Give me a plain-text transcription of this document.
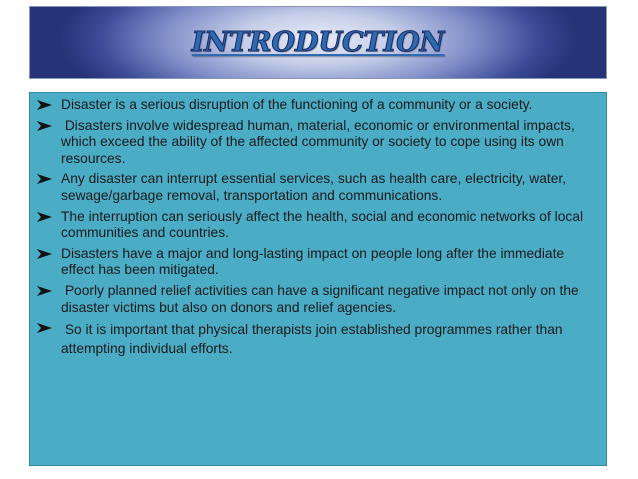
INTRODUCTION
Disaster is a serious disruption of the functioning of a community or a society.
Disasters involve widespread human, material, economic or environmental impacts, which exceed the ability of the affected community or society to cope using its own resources.
Any disaster can interrupt essential services, such as health care, electricity, water, sewage/garbage removal, transportation and communications.
The interruption can seriously affect the health, social and economic networks of local communities and countries.
Disasters have a major and long-lasting impact on people long after the immediate effect has been mitigated.
Poorly planned relief activities can have a significant negative impact not only on the disaster victims but also on donors and relief agencies.
So it is important that physical therapists join established programmes rather than attempting individual efforts.
